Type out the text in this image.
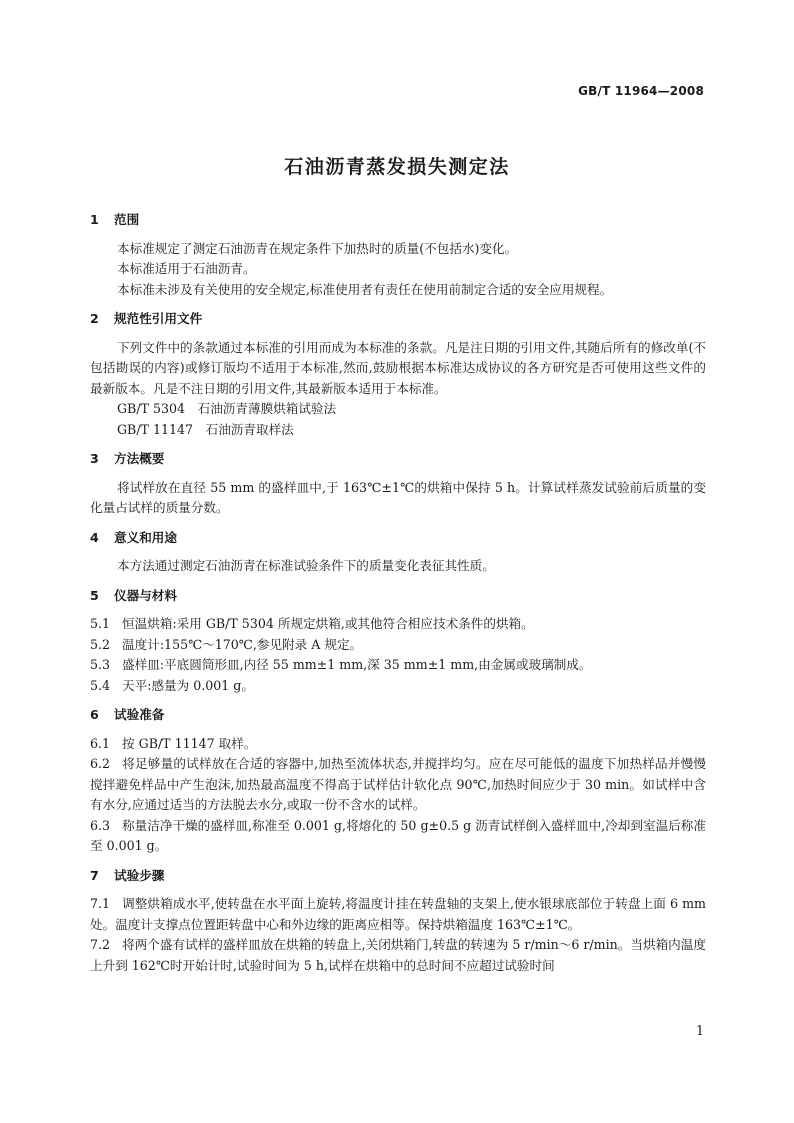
GB/T 11964—2008
石油沥青蒸发损失测定法
1 范围

本标准规定了测定石油沥青在规定条件下加热时的质量(不包括水)变化。

本标准适用于石油沥青。

本标准未涉及有关使用的安全规定,标准使用者有责任在使用前制定合适的安全应用规程。

2 规范性引用文件

下列文件中的条款通过本标准的引用而成为本标准的条款。凡是注日期的引用文件,其随后所有的修改单(不包括勘误的内容)或修订版均不适用于本标准,然而,鼓励根据本标准达成协议的各方研究是否可使用这些文件的最新版本。凡是不注日期的引用文件,其最新版本适用于本标准。

GB/T 5304　石油沥青薄膜烘箱试验法

GB/T 11147　石油沥青取样法

3 方法概要

将试样放在直径 55 mm 的盛样皿中,于 163℃±1℃的烘箱中保持 5 h。计算试样蒸发试验前后质量的变化量占试样的质量分数。

4 意义和用途

本方法通过测定石油沥青在标准试验条件下的质量变化表征其性质。

5 仪器与材料

5.1 恒温烘箱:采用 GB/T 5304 所规定烘箱,或其他符合相应技术条件的烘箱。

5.2 温度计:155℃～170℃,参见附录 A 规定。

5.3 盛样皿:平底圆筒形皿,内径 55 mm±1 mm,深 35 mm±1 mm,由金属或玻璃制成。

5.4 天平:感量为 0.001 g。

6 试验准备

6.1 按 GB/T 11147 取样。

6.2 将足够量的试样放在合适的容器中,加热至流体状态,并搅拌均匀。应在尽可能低的温度下加热样品并慢慢搅拌避免样品中产生泡沫,加热最高温度不得高于试样估计软化点 90℃,加热时间应少于 30 min。如试样中含有水分,应通过适当的方法脱去水分,或取一份不含水的试样。

6.3 称量洁净干燥的盛样皿,称准至 0.001 g,将熔化的 50 g±0.5 g 沥青试样倒入盛样皿中,冷却到室温后称准至 0.001 g。

7 试验步骤

7.1 调整烘箱成水平,使转盘在水平面上旋转,将温度计挂在转盘轴的支架上,使水银球底部位于转盘上面 6 mm 处。温度计支撑点位置距转盘中心和外边缘的距离应相等。保持烘箱温度 163℃±1℃。

7.2 将两个盛有试样的盛样皿放在烘箱的转盘上,关闭烘箱门,转盘的转速为 5 r/min～6 r/min。当烘箱内温度上升到 162℃时开始计时,试验时间为 5 h,试样在烘箱中的总时间不应超过试验时间

1
